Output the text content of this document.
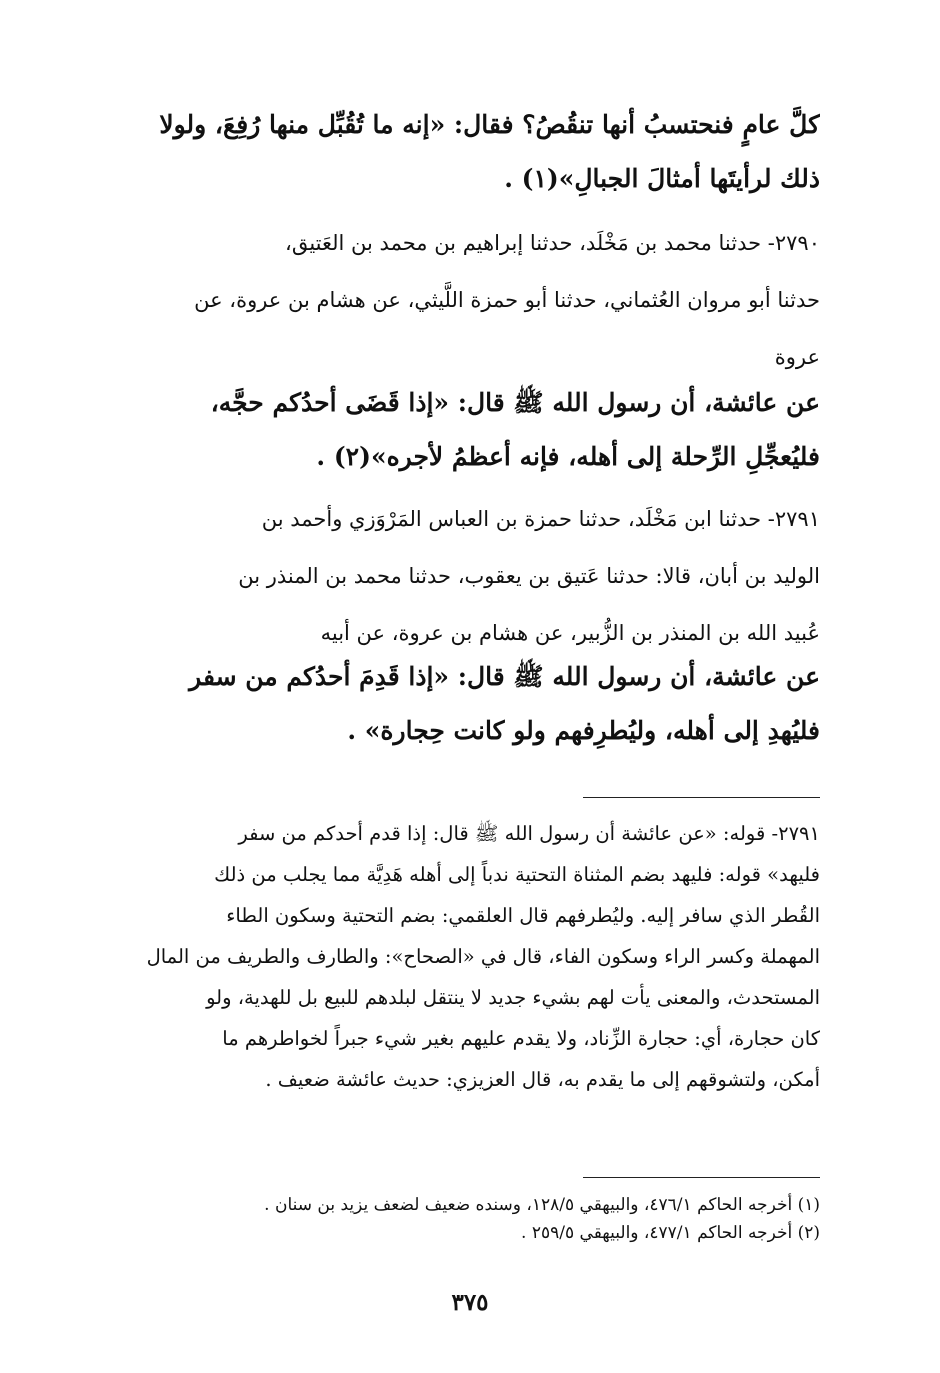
كلَّ عامٍ فنحتسبُ أنها تنقُصُ؟ فقال: «إنه ما تُقُبِّل منها رُفِعَ، ولولا
ذلك لرأيتَها أمثالَ الجبالِ»(١) .
٢٧٩٠- حدثنا محمد بن مَخْلَد، حدثنا إبراهيم بن محمد بن العَتيق،
حدثنا أبو مروان العُثماني، حدثنا أبو حمزة اللَّيثي، عن هشام بن عروة، عن
عروة
عن عائشة، أن رسول الله ﷺ قال: «إذا قَضَى أحدُكم حجَّه،
فليُعجِّلِ الرِّحلة إلى أهله، فإنه أعظمُ لأجره»(٢) .
٢٧٩١- حدثنا ابن مَخْلَد، حدثنا حمزة بن العباس المَرْوَزي وأحمد بن
الوليد بن أبان، قالا: حدثنا عَتيق بن يعقوب، حدثنا محمد بن المنذر بن
عُبيد الله بن المنذر بن الزُّبير، عن هشام بن عروة، عن أبيه
عن عائشة، أن رسول الله ﷺ قال: «إذا قَدِمَ أحدُكم من سفر
فليُهدِ إلى أهله، وليُطرِفهم ولو كانت حِجارة» .
٢٧٩١- قوله: «عن عائشة أن رسول الله ﷺ قال: إذا قدم أحدكم من سفر
فليهد» قوله: فليهد بضم المثناة التحتية ندباً إلى أهله هَدِيَّة مما يجلب من ذلك
القُطر الذي سافر إليه. وليُطرفهم قال العلقمي: بضم التحتية وسكون الطاء
المهملة وكسر الراء وسكون الفاء، قال في «الصحاح»: والطارف والطريف من المال
المستحدث، والمعنى يأت لهم بشيء جديد لا ينتقل لبلدهم للبيع بل للهدية، ولو
كان حجارة، أي: حجارة الزِّناد، ولا يقدم عليهم بغير شيء جبراً لخواطرهم ما
أمكن، ولتشوقهم إلى ما يقدم به، قال العزيزي: حديث عائشة ضعيف .
(١) أخرجه الحاكم ٤٧٦/١، والبيهقي ١٢٨/٥، وسنده ضعيف لضعف يزيد بن سنان .
(٢) أخرجه الحاكم ٤٧٧/١، والبيهقي ٢٥٩/٥ .
٣٧٥
